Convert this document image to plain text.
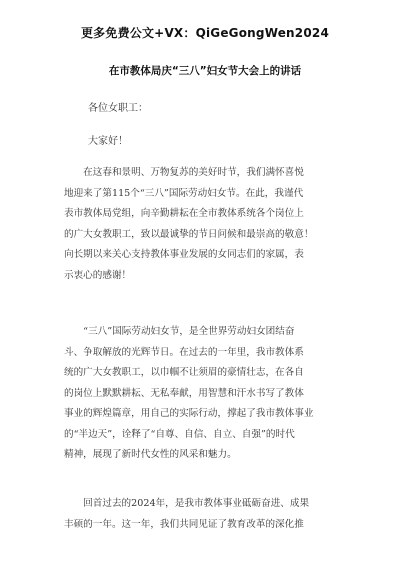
更多免费公文+VX：QiGeGongWen2024
在市教体局庆“三八”妇女节大会上的讲话
各位女职工：
大家好！
　　在这春和景明、万物复苏的美好时节，我们满怀喜悦
地迎来了第115个“三八”国际劳动妇女节。在此，我谨代
表市教体局党组，向辛勤耕耘在全市教体系统各个岗位上
的广大女教职工，致以最诚挚的节日问候和最崇高的敬意！
向长期以来关心支持教体事业发展的女同志们的家属，表
示衷心的感谢！
　　“三八”国际劳动妇女节，是全世界劳动妇女团结奋
斗、争取解放的光辉节日。在过去的一年里，我市教体系
统的广大女教职工，以巾帼不让须眉的豪情壮志，在各自
的岗位上默默耕耘、无私奉献，用智慧和汗水书写了教体
事业的辉煌篇章，用自己的实际行动，撑起了我市教体事业
的“半边天”，诠释了“自尊、自信、自立、自强”的时代
精神，展现了新时代女性的风采和魅力。
　　回首过去的2024年，是我市教体事业砥砺奋进、成果
丰硕的一年。这一年，我们共同见证了教育改革的深化推
